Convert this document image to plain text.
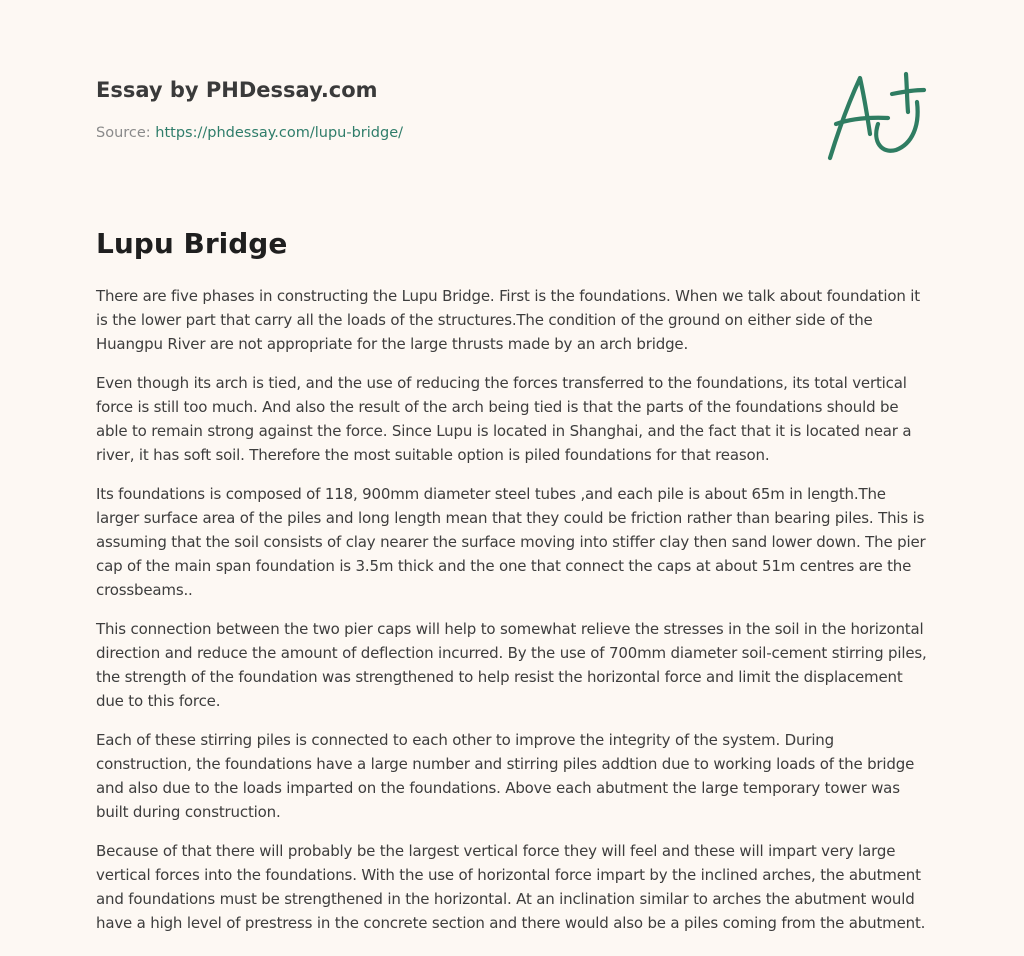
Essay by PHDessay.com
Source: https://phdessay.com/lupu-bridge/
Lupu Bridge

There are five phases in constructing the Lupu Bridge. First is the foundations. When we talk about foundation it is the lower part that carry all the loads of the structures.The condition of the ground on either side of the Huangpu River are not appropriate for the large thrusts made by an arch bridge.

Even though its arch is tied, and the use of reducing the forces transferred to the foundations, its total vertical force is still too much. And also the result of the arch being tied is that the parts of the foundations should be able to remain strong against the force. Since Lupu is located in Shanghai, and the fact that it is located near a river, it has soft soil. Therefore the most suitable option is piled foundations for that reason.

Its foundations is composed of 118, 900mm diameter steel tubes ,and each pile is about 65m in length.The larger surface area of the piles and long length mean that they could be friction rather than bearing piles. This is assuming that the soil consists of clay nearer the surface moving into stiffer clay then sand lower down. The pier cap of the main span foundation is 3.5m thick and the one that connect the caps at about 51m centres are the crossbeams..

This connection between the two pier caps will help to somewhat relieve the stresses in the soil in the horizontal direction and reduce the amount of deflection incurred. By the use of 700mm diameter soil-cement stirring piles, the strength of the foundation was strengthened to help resist the horizontal force and limit the displacement due to this force.

Each of these stirring piles is connected to each other to improve the integrity of the system. During construction, the foundations have a large number and stirring piles addtion due to working loads of the bridge and also due to the loads imparted on the foundations. Above each abutment the large temporary tower was built during construction.

Because of that there will probably be the largest vertical force they will feel and these will impart very large vertical forces into the foundations. With the use of horizontal force impart by the inclined arches, the abutment and foundations must be strengthened in the horizontal. At an inclination similar to arches the abutment would have a high level of prestress in the concrete section and there would also be a piles coming from the abutment.
